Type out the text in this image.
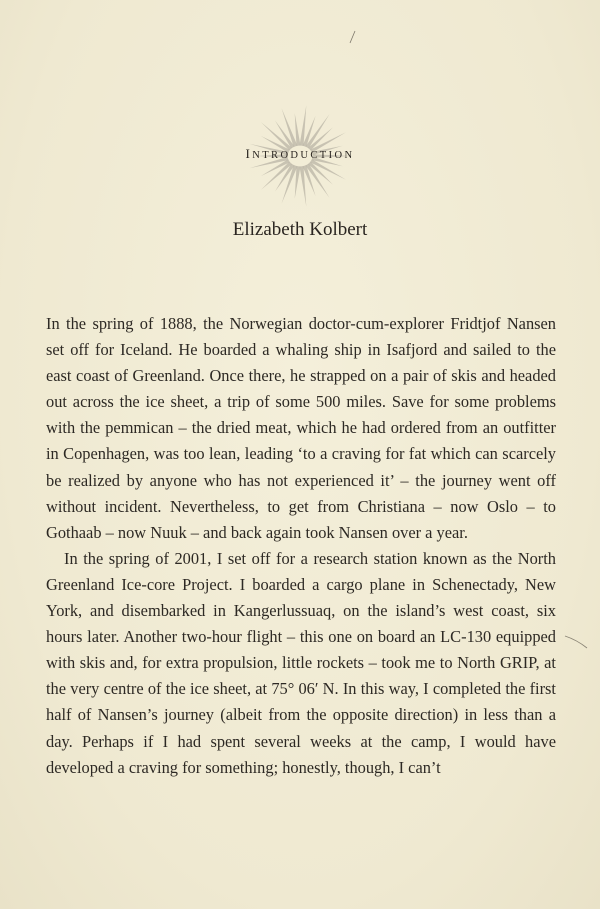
INTRODUCTION
Elizabeth Kolbert

In the spring of 1888, the Norwegian doctor-cum-explorer Fridtjof Nansen set off for Iceland. He boarded a whaling ship in Isafjord and sailed to the east coast of Greenland. Once there, he strapped on a pair of skis and headed out across the ice sheet, a trip of some 500 miles. Save for some problems with the pemmican – the dried meat, which he had ordered from an outfitter in Copenhagen, was too lean, leading ‘to a craving for fat which can scarcely be realized by anyone who has not experienced it’ – the journey went off without incident. Nevertheless, to get from Christiana – now Oslo – to Gothaab – now Nuuk – and back again took Nansen over a year.

In the spring of 2001, I set off for a research station known as the North Greenland Ice-core Project. I boarded a cargo plane in Schenectady, New York, and disembarked in Kangerlussuaq, on the island’s west coast, six hours later. Another two-hour flight – this one on board an LC-130 equipped with skis and, for extra propulsion, little rockets – took me to North GRIP, at the very centre of the ice sheet, at 75° 06′ N. In this way, I completed the first half of Nansen’s journey (albeit from the opposite direction) in less than a day. Perhaps if I had spent several weeks at the camp, I would have developed a craving for something; honestly, though, I can’t
